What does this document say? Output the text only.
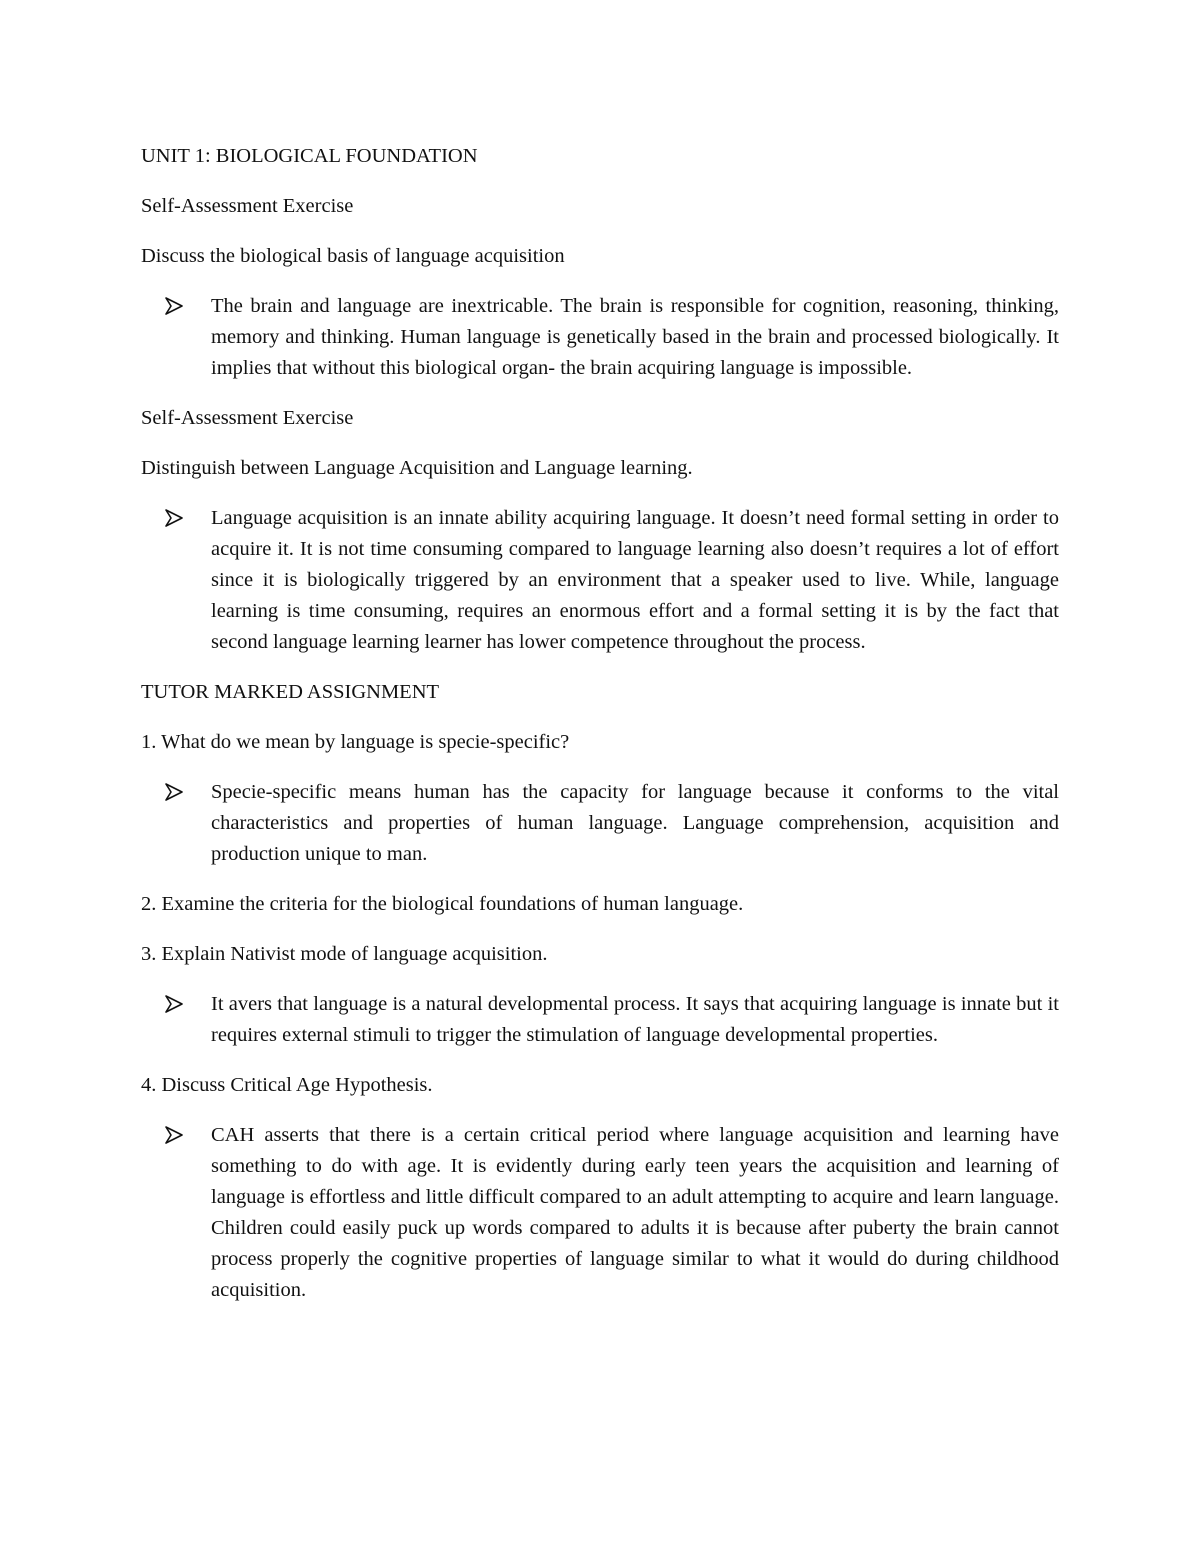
UNIT 1: BIOLOGICAL FOUNDATION

Self-Assessment Exercise

Discuss the biological basis of language acquisition

The brain and language are inextricable. The brain is responsible for cognition, reasoning, thinking, memory and thinking. Human language is genetically based in the brain and processed biologically. It implies that without this biological organ- the brain acquiring language is impossible.

Self-Assessment Exercise

Distinguish between Language Acquisition and Language learning.

Language acquisition is an innate ability acquiring language. It doesn’t need formal setting in order to acquire it. It is not time consuming compared to language learning also doesn’t requires a lot of effort since it is biologically triggered by an environment that a speaker used to live. While, language learning is time consuming, requires an enormous effort and a formal setting it is by the fact that second language learning learner has lower competence throughout the process.

TUTOR MARKED ASSIGNMENT

1. What do we mean by language is specie-specific?

Specie-specific means human has the capacity for language because it conforms to the vital characteristics and properties of human language. Language comprehension, acquisition and production unique to man.

2. Examine the criteria for the biological foundations of human language.

3. Explain Nativist mode of language acquisition.

It avers that language is a natural developmental process. It says that acquiring language is innate but it requires external stimuli to trigger the stimulation of language developmental properties.

4. Discuss Critical Age Hypothesis.

CAH asserts that there is a certain critical period where language acquisition and learning have something to do with age. It is evidently during early teen years the acquisition and learning of language is effortless and little difficult compared to an adult attempting to acquire and learn language. Children could easily puck up words compared to adults it is because after puberty the brain cannot process properly the cognitive properties of language similar to what it would do during childhood acquisition.
